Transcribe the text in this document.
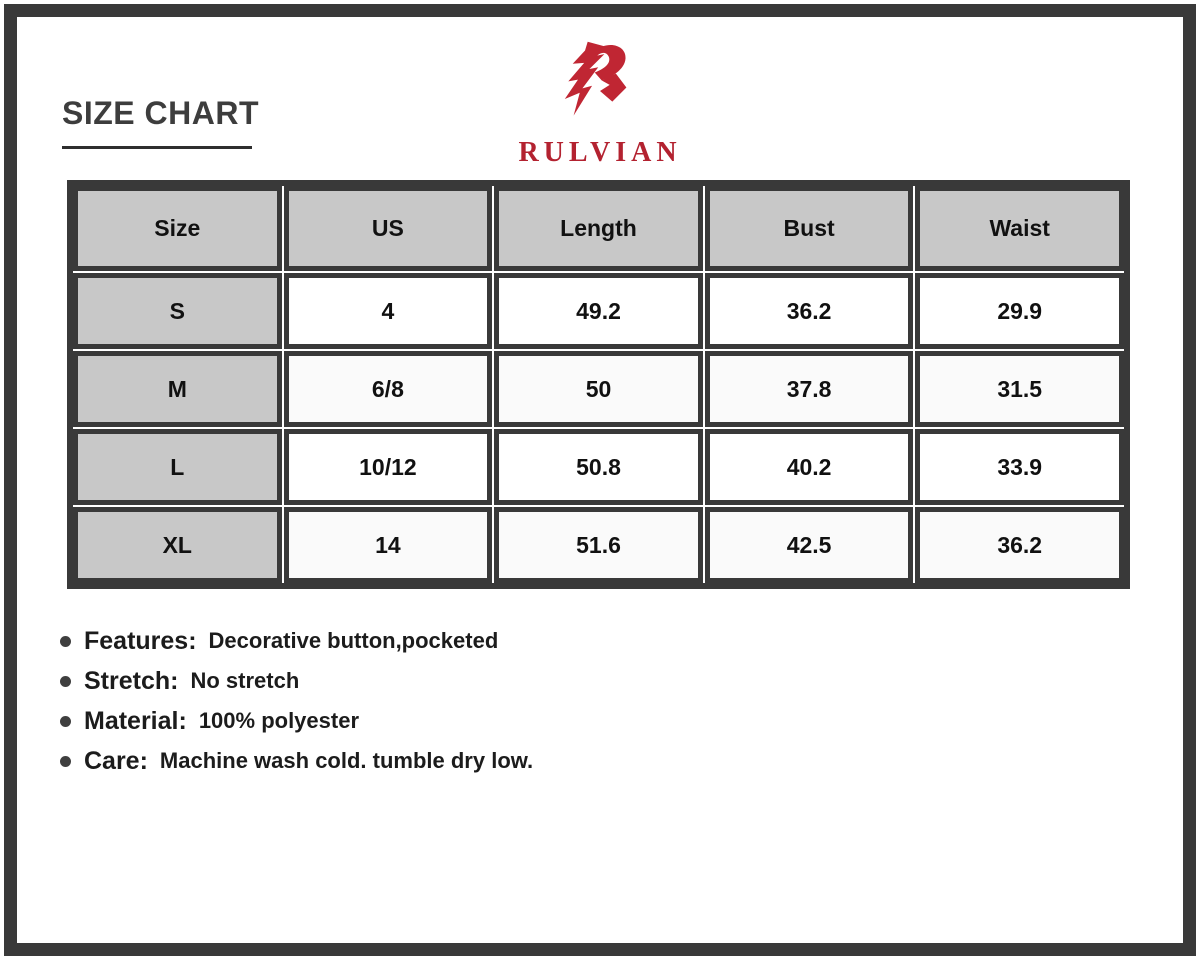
SIZE CHART
RULVIAN
Size	US	Length	Bust	Waist
S	4	49.2	36.2	29.9
M	6/8	50	37.8	31.5
L	10/12	50.8	40.2	33.9
XL	14	51.6	42.5	36.2
Features: Decorative button,pocketed
Stretch: No stretch
Material: 100% polyester
Care: Machine wash cold. tumble dry low.
